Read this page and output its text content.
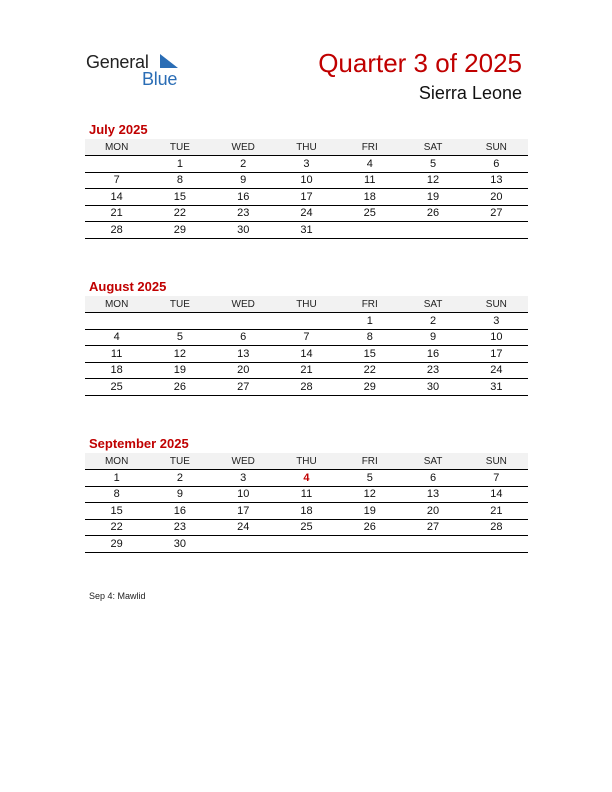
General
Blue
Quarter 3 of 2025
Sierra Leone
July 2025
MON	TUE	WED	THU	FRI	SAT	SUN
	1	2	3	4	5	6
7	8	9	10	11	12	13
14	15	16	17	18	19	20
21	22	23	24	25	26	27
28	29	30	31			
August 2025
MON	TUE	WED	THU	FRI	SAT	SUN
				1	2	3
4	5	6	7	8	9	10
11	12	13	14	15	16	17
18	19	20	21	22	23	24
25	26	27	28	29	30	31
September 2025
MON	TUE	WED	THU	FRI	SAT	SUN
1	2	3	4	5	6	7
8	9	10	11	12	13	14
15	16	17	18	19	20	21
22	23	24	25	26	27	28
29	30					
Sep 4: Mawlid
